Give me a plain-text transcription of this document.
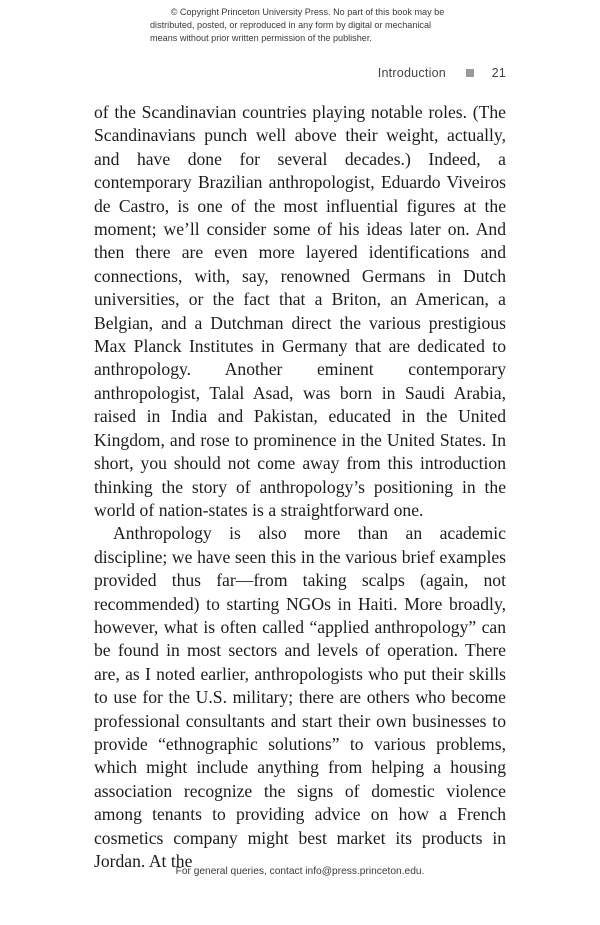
© Copyright Princeton University Press. No part of this book may be
distributed, posted, or reproduced in any form by digital or mechanical
means without prior written permission of the publisher.
Introduction	21

of the Scandinavian countries playing notable roles. (The Scandinavians punch well above their weight, actually, and have done for several decades.) Indeed, a contemporary Brazilian anthropologist, Eduardo Viveiros de Castro, is one of the most influential figures at the moment; we’ll consider some of his ideas later on. And then there are even more layered identifications and connections, with, say, renowned Germans in Dutch universities, or the fact that a Briton, an American, a Belgian, and a Dutchman direct the various prestigious Max Planck Institutes in Germany that are dedicated to anthropology. Another eminent contemporary anthropologist, Talal Asad, was born in Saudi Arabia, raised in India and Pakistan, educated in the United Kingdom, and rose to prominence in the United States. In short, you should not come away from this introduction thinking the story of anthropology’s positioning in the world of nation-states is a straightforward one.

Anthropology is also more than an academic discipline; we have seen this in the various brief examples provided thus far—from taking scalps (again, not recommended) to starting NGOs in Haiti. More broadly, however, what is often called “applied anthropology” can be found in most sectors and levels of operation. There are, as I noted earlier, anthropologists who put their skills to use for the U.S. military; there are others who become professional consultants and start their own businesses to provide “ethnographic solutions” to various problems, which might include anything from helping a housing association recognize the signs of domestic violence among tenants to providing advice on how a French cosmetics company might best market its products in Jordan. At the

For general queries, contact info@press.princeton.edu.
